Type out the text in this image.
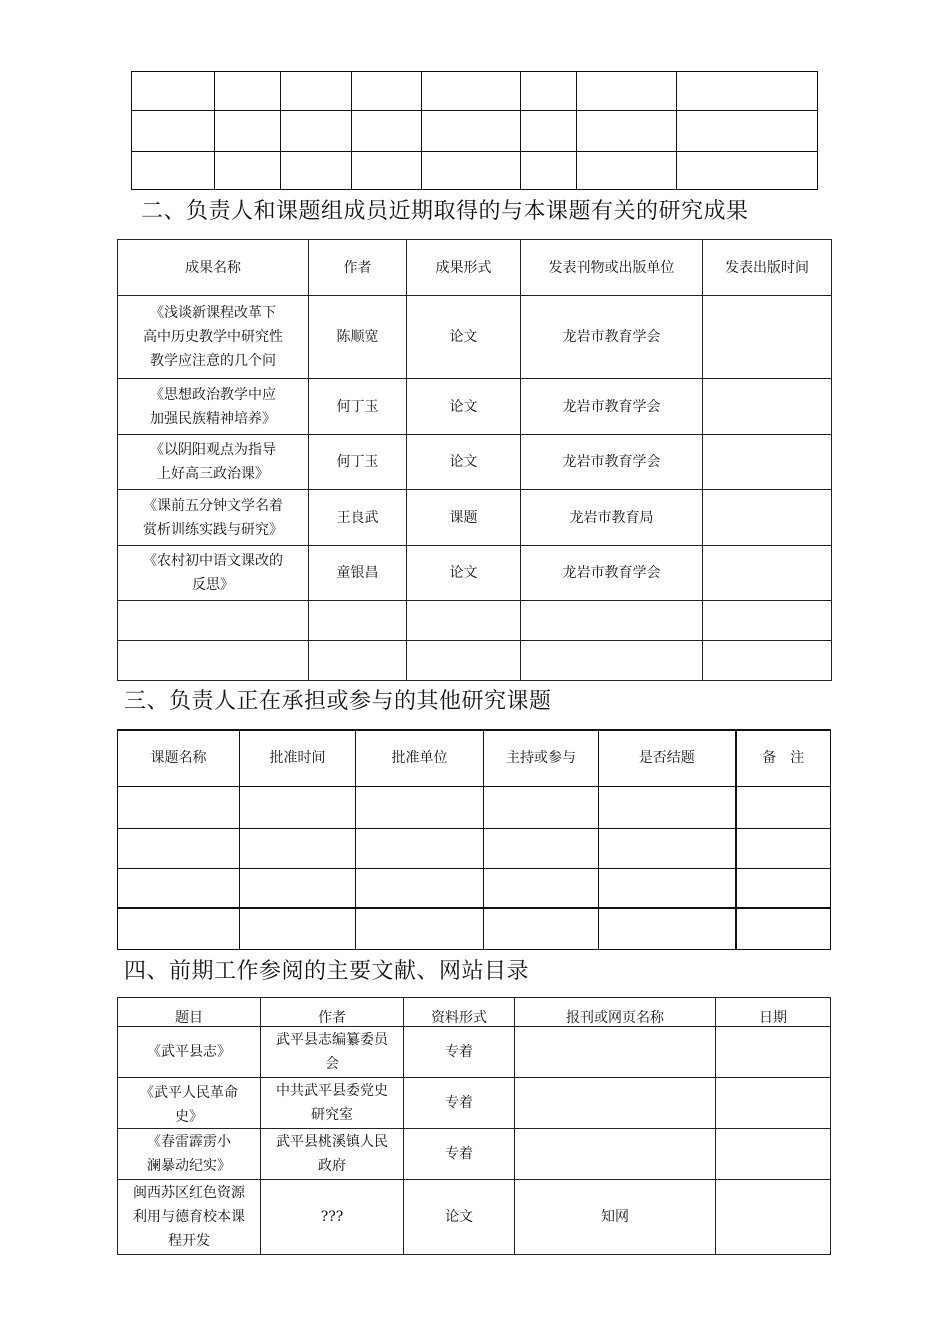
二、负责人和课题组成员近期取得的与本课题有关的研究成果
成果名称	作者	成果形式	发表刊物或出版单位	发表出版时间

《浅谈新课程改革下
高中历史教学中研究性
教学应注意的几个问	陈顺宽	论文	龙岩市教育学会	

《思想政治教学中应
加强民族精神培养》	何丁玉	论文	龙岩市教育学会	

《以阴阳观点为指导
上好高三政治课》	何丁玉	论文	龙岩市教育学会	

《课前五分钟文学名着
赏析训练实践与研究》	王良武	课题	龙岩市教育局	

《农村初中语文课改的
反思》	童银昌	论文	龙岩市教育学会	

三、负责人正在承担或参与的其他研究课题
课题名称	批准时间	批准单位	主持或参与	是否结题	备　注

四、前期工作参阅的主要文献、网站目录
题目	作者	资料形式	报刊或网页名称	日期

《武平县志》	武平县志编纂委员
会	专着		

《武平人民革命
史》	中共武平县委党史
研究室	专着		

《春雷霹雳小
澜暴动纪实》	武平县桃溪镇人民
政府	专着		

闽西苏区红色资源
利用与德育校本课
程开发	???	论文	知网	
